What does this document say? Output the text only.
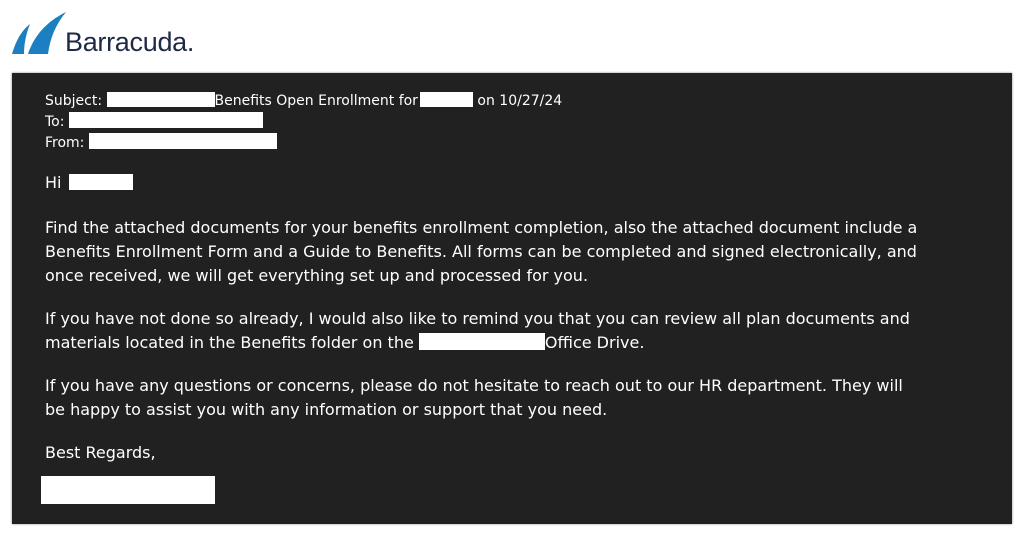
Barracuda.
Subject:	Benefits Open Enrollment for	on 10/27/24
To:
From:
Hi
Find the attached documents for your benefits enrollment completion, also the attached document include a Benefits Enrollment Form and a Guide to Benefits. All forms can be completed and signed electronically, and once received, we will get everything set up and processed for you.
If you have not done so already, I would also like to remind you that you can review all plan documents and materials located in the Benefits folder on the	Office Drive.
If you have any questions or concerns, please do not hesitate to reach out to our HR department. They will be happy to assist you with any information or support that you need.
Best Regards,
